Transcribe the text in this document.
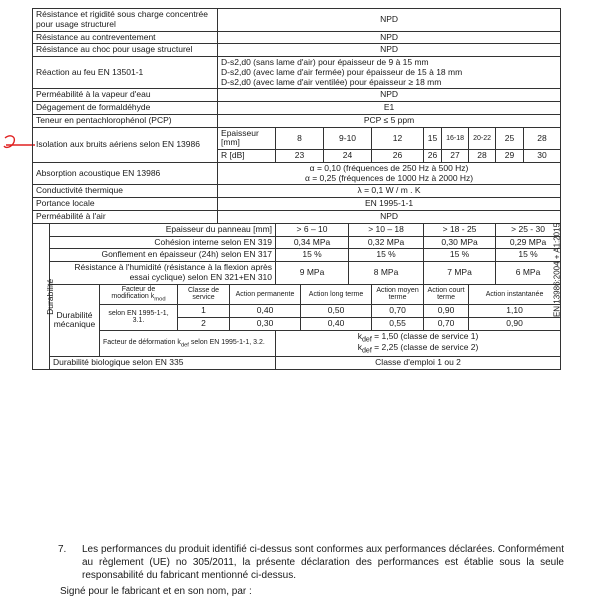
Résistance et rigidité sous charge concentrée pour usage structurel				NPD											
Résistance au contreventement				NPD											
Résistance au choc pour usage structurel				NPD											
Réaction au feu EN 13501-1				D-s2,d0 (sans lame d'air) pour épaisseur de 9 à 15 mm
D-s2,d0 (avec lame d'air fermée) pour épaisseur de 15 à 18 mm
D-s2,d0 (avec lame d'air ventilée) pour épaisseur ≥ 18 mm											

Perméabilité à la vapeur d'eau				NPD											
Dégagement de formaldéhyde				E1											
Teneur en pentachlorophénol (PCP)				PCP ≤ 5 ppm											
Isolation aux bruits aériens selon EN 13986				Epaisseur [mm]		8		9-10		12	15	16-18	20-22	25	28
				R [dB]		23		24		26	26	27	28	29	30
Absorption acoustique EN 13986				α = 0,10 (fréquences de 250 Hz à 500 Hz)
α = 0,25 (fréquences de 1000 Hz à 2000 Hz)											

Conductivité thermique				λ = 0,1 W / m . K											
Portance locale				EN 1995-1-1											
Perméabilité à l'air				NPD											
Durabilité	Epaisseur du panneau [mm]					> 6 – 10			> 10 – 18		> 18 - 25			> 25 - 30	
	Cohésion interne selon EN 319					0,34 MPa			0,32 MPa		0,30 MPa			0,29 MPa	
	Gonflement en épaisseur (24h) selon EN 317					15 %			15 %		15 %			15 %	
	Résistance à l'humidité (résistance à la flexion après essai cyclique) selon EN 321+EN 310					9 MPa			8 MPa		7 MPa			6 MPa	
	Durabilité mécanique	Facteur de modification $k_{mod}$	Classe de service		Action permanente		Action long terme			Action moyen terme	Action court terme		Action instantanée		
		selon EN 1995-1-1, 3.1.	1		0,40		0,50			0,70	0,90		1,10		
			2		0,30		0,40			0,55	0,70		0,90		
		Facteur de déformation $k_{def}$ selon EN 1995-1-1, 3.2.				$k_{def} = 1,50$ (classe de service 1)
$k_{def} = 2,25$ (classe de service 2)									

	Durabilité biologique selon EN 335					Classe d'emploi 1 ou 2									
EN 13986:2004 + A1:2015
7. Les performances du produit identifié ci-dessus sont conformes aux performances déclarées. Conformément au règlement (UE) no 305/2011, la présente déclaration des performances est établie sous la seule responsabilité du fabricant mentionné ci-dessus.
Signé pour le fabricant et en son nom, par :
